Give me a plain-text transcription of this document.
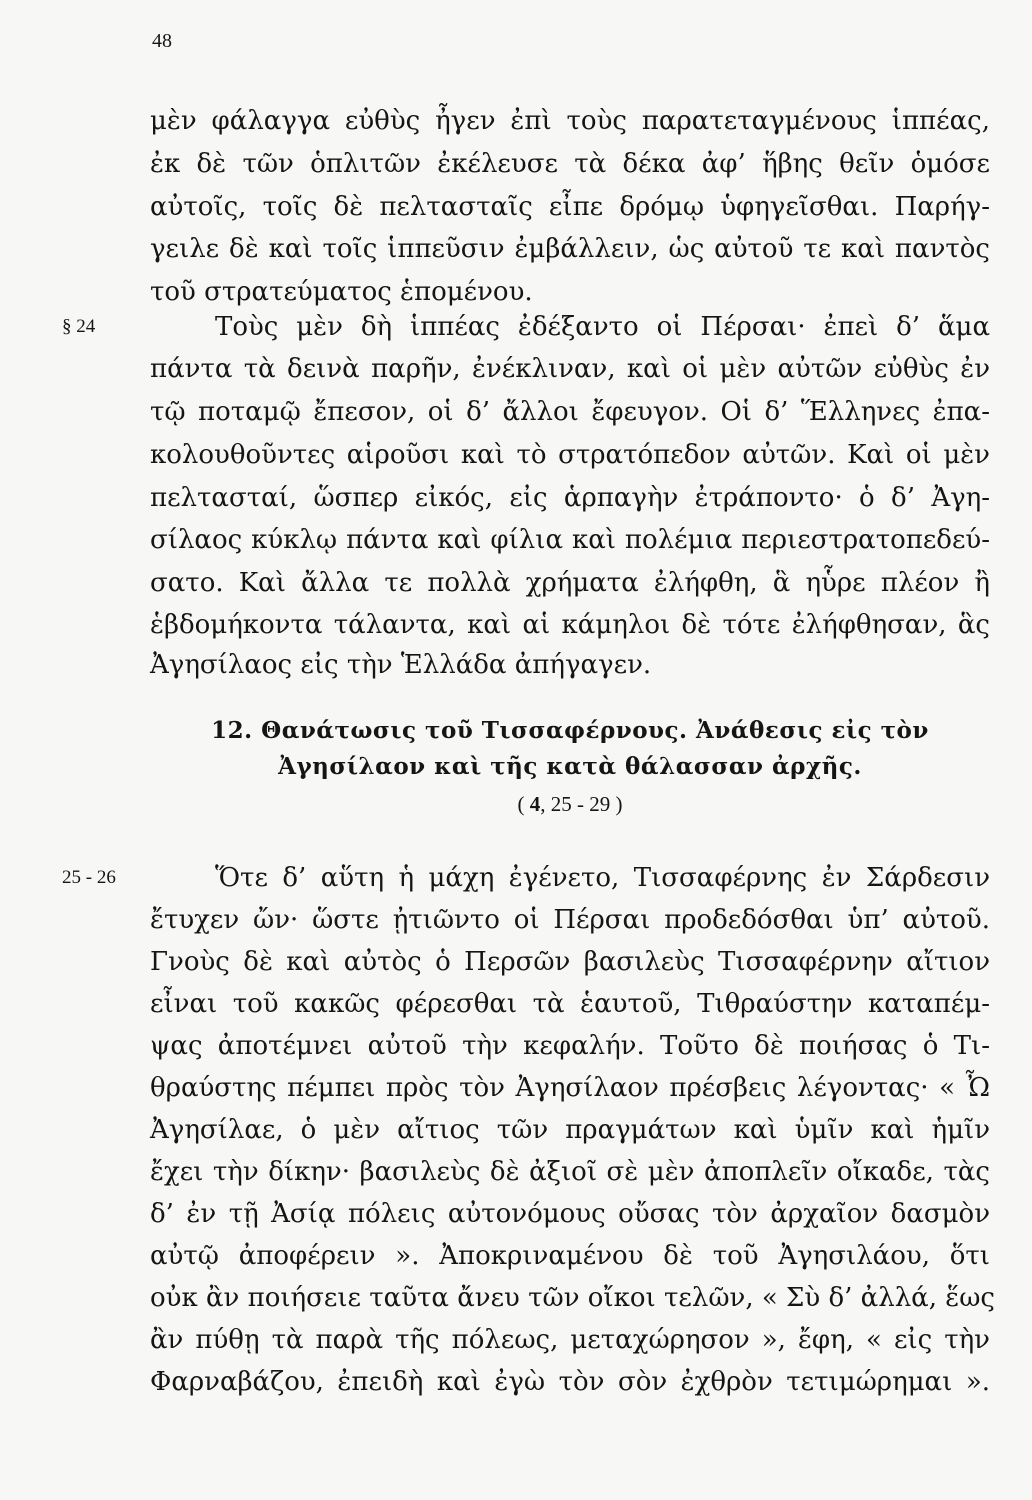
48
μὲν φάλαγγα εὐθὺς ἦγεν ἐπὶ τοὺς παρατεταγμένους ἱππέας,
ἐκ δὲ τῶν ὁπλιτῶν ἐκέλευσε τὰ δέκα ἀφ’ ἥβης θεῖν ὁμόσε
αὐτοῖς, τοῖς δὲ πελτασταῖς εἶπε δρόμῳ ὑφηγεῖσθαι. Παρήγ-
γειλε δὲ καὶ τοῖς ἱππεῦσιν ἐμβάλλειν, ὡς αὐτοῦ τε καὶ παντὸς
τοῦ στρατεύματος ἑπομένου.
§ 24	Τοὺς μὲν δὴ ἱππέας ἐδέξαντο οἱ Πέρσαι· ἐπεὶ δ’ ἅμα
πάντα τὰ δεινὰ παρῆν, ἐνέκλιναν, καὶ οἱ μὲν αὐτῶν εὐθὺς ἐν
τῷ ποταμῷ ἔπεσον, οἱ δ’ ἄλλοι ἔφευγον. Οἱ δ’ Ἕλληνες ἐπα-
κολουθοῦντες αἱροῦσι καὶ τὸ στρατόπεδον αὐτῶν. Καὶ οἱ μὲν
πελτασταί, ὥσπερ εἰκός, εἰς ἁρπαγὴν ἐτράποντο· ὁ δ’ Ἀγη-
σίλαος κύκλῳ πάντα καὶ φίλια καὶ πολέμια περιεστρατοπεδεύ-
σατο. Καὶ ἄλλα τε πολλὰ χρήματα ἐλήφθη, ἃ ηὗρε πλέον ἢ
ἑβδομήκοντα τάλαντα, καὶ αἱ κάμηλοι δὲ τότε ἐλήφθησαν, ἃς
Ἀγησίλαος εἰς τὴν Ἑλλάδα ἀπήγαγεν.
12. Θανάτωσις τοῦ Τισσαφέρνους. Ἀνάθεσις εἰς τὸν
Ἀγησίλαον καὶ τῆς κατὰ θάλασσαν ἀρχῆς.
( 4, 25 - 29 )
25 - 26	Ὅτε δ’ αὕτη ἡ μάχη ἐγένετο, Τισσαφέρνης ἐν Σάρδεσιν
ἔτυχεν ὤν· ὥστε ᾐτιῶντο οἱ Πέρσαι προδεδόσθαι ὑπ’ αὐτοῦ.
Γνοὺς δὲ καὶ αὐτὸς ὁ Περσῶν βασιλεὺς Τισσαφέρνην αἴτιον
εἶναι τοῦ κακῶς φέρεσθαι τὰ ἑαυτοῦ, Τιθραύστην καταπέμ-
ψας ἀποτέμνει αὐτοῦ τὴν κεφαλήν. Τοῦτο δὲ ποιήσας ὁ Τι-
θραύστης πέμπει πρὸς τὸν Ἀγησίλαον πρέσβεις λέγοντας· « Ὦ
Ἀγησίλαε, ὁ μὲν αἴτιος τῶν πραγμάτων καὶ ὑμῖν καὶ ἡμῖν
ἔχει τὴν δίκην· βασιλεὺς δὲ ἀξιοῖ σὲ μὲν ἀποπλεῖν οἴκαδε, τὰς
δ’ ἐν τῇ Ἀσίᾳ πόλεις αὐτονόμους οὔσας τὸν ἀρχαῖον δασμὸν
αὐτῷ ἀποφέρειν ». Ἀποκριναμένου δὲ τοῦ Ἀγησιλάου, ὅτι
οὐκ ἂν ποιήσειε ταῦτα ἄνευ τῶν οἴκοι τελῶν, « Σὺ δ’ ἀλλά, ἕως
ἂν πύθῃ τὰ παρὰ τῆς πόλεως, μεταχώρησον », ἔφη, « εἰς τὴν
Φαρναβάζου, ἐπειδὴ καὶ ἐγὼ τὸν σὸν ἐχθρὸν τετιμώρημαι ».
